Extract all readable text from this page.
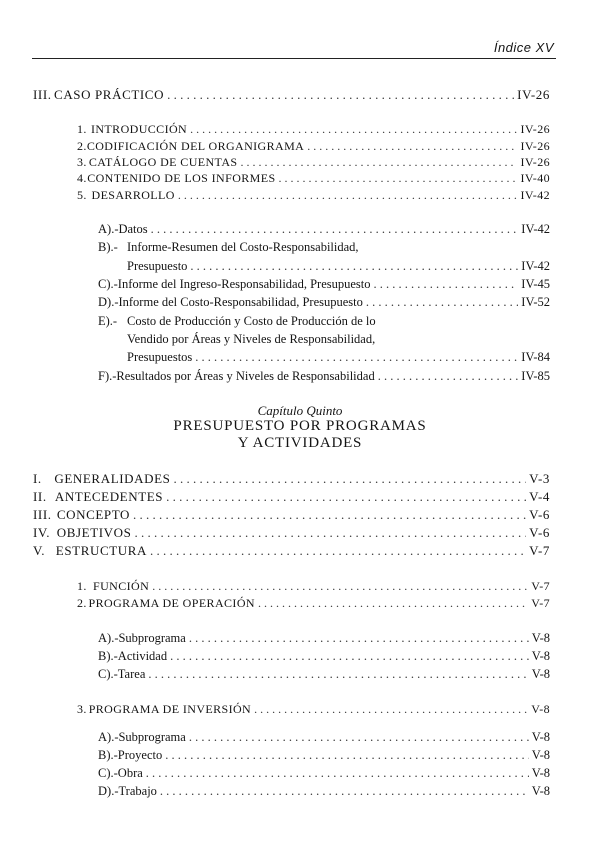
Índice XV
III. CASO PRÁCTICO . . .	IV-26
1. INTRODUCCIÓN . . .	IV-26
2. CODIFICACIÓN DEL ORGANIGRAMA . . .	IV-26
3. CATÁLOGO DE CUENTAS . . .	IV-26
4. CONTENIDO DE LOS INFORMES . . .	IV-40
5. DESARROLLO . . .	IV-42
A).- Datos . . .	IV-42
B).- Informe-Resumen del Costo-Responsabilidad,
Presupuesto . . .	IV-42
C).- Informe del Ingreso-Responsabilidad, Presupuesto . . .	IV-45
D).- Informe del Costo-Responsabilidad, Presupuesto . . .	IV-52
E).- Costo de Producción y Costo de Producción de lo
Vendido por Áreas y Niveles de Responsabilidad,
Presupuestos . . .	IV-84
F).- Resultados por Áreas y Niveles de Responsabilidad . . .	IV-85
Capítulo Quinto
PRESUPUESTO POR PROGRAMAS
Y ACTIVIDADES
I. GENERALIDADES . . .	V-3
II. ANTECEDENTES . . .	V-4
III. CONCEPTO . . .	V-6
IV. OBJETIVOS . . .	V-6
V. ESTRUCTURA . . .	V-7
1. FUNCIÓN . . .	V-7
2. PROGRAMA DE OPERACIÓN . . .	V-7
A).- Subprograma . . .	V-8
B).- Actividad . . .	V-8
C).- Tarea . . .	V-8
3. PROGRAMA DE INVERSIÓN . . .	V-8
A).- Subprograma . . .	V-8
B).- Proyecto . . .	V-8
C).- Obra . . .	V-8
D).- Trabajo . . .	V-8
